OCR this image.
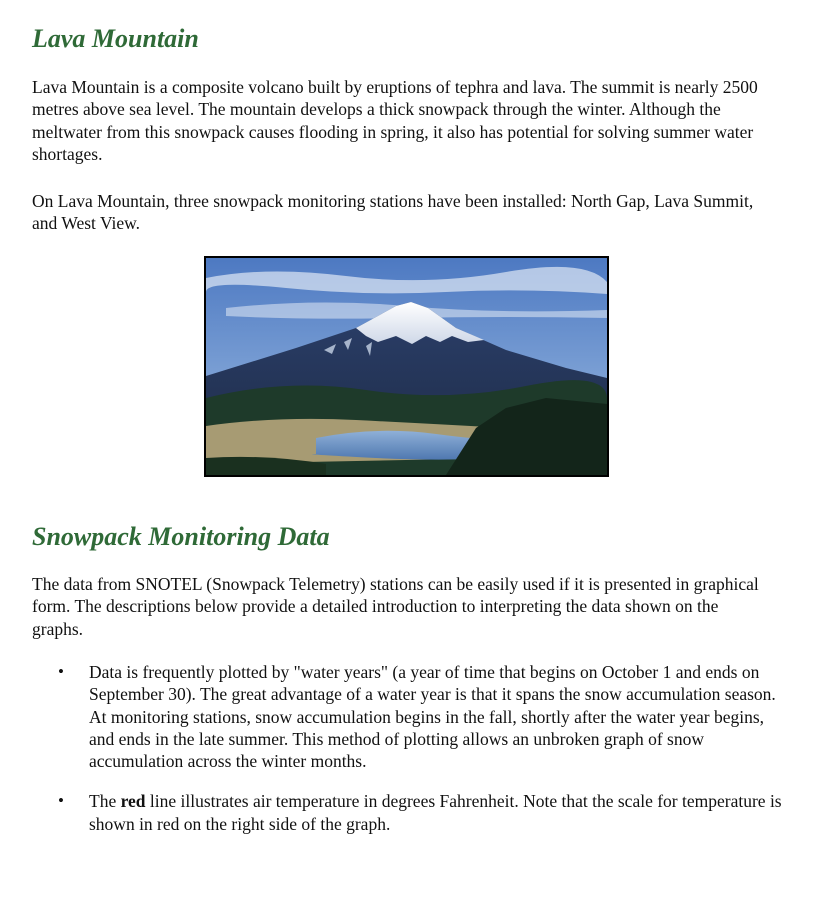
Lava Mountain

Lava Mountain is a composite volcano built by eruptions of tephra and lava. The summit is nearly 2500 metres above sea level. The mountain develops a thick snowpack through the winter. Although the meltwater from this snowpack causes flooding in spring, it also has potential for solving summer water shortages.

On Lava Mountain, three snowpack monitoring stations have been installed: North Gap, Lava Summit, and West View.

Snowpack Monitoring Data

The data from SNOTEL (Snowpack Telemetry) stations can be easily used if it is presented in graphical form. The descriptions below provide a detailed introduction to interpreting the data shown on the graphs.

• Data is frequently plotted by "water years" (a year of time that begins on October 1 and ends on September 30). The great advantage of a water year is that it spans the snow accumulation season. At monitoring stations, snow accumulation begins in the fall, shortly after the water year begins, and ends in the late summer. This method of plotting allows an unbroken graph of snow accumulation across the winter months.
• The red line illustrates air temperature in degrees Fahrenheit. Note that the scale for temperature is shown in red on the right side of the graph.
